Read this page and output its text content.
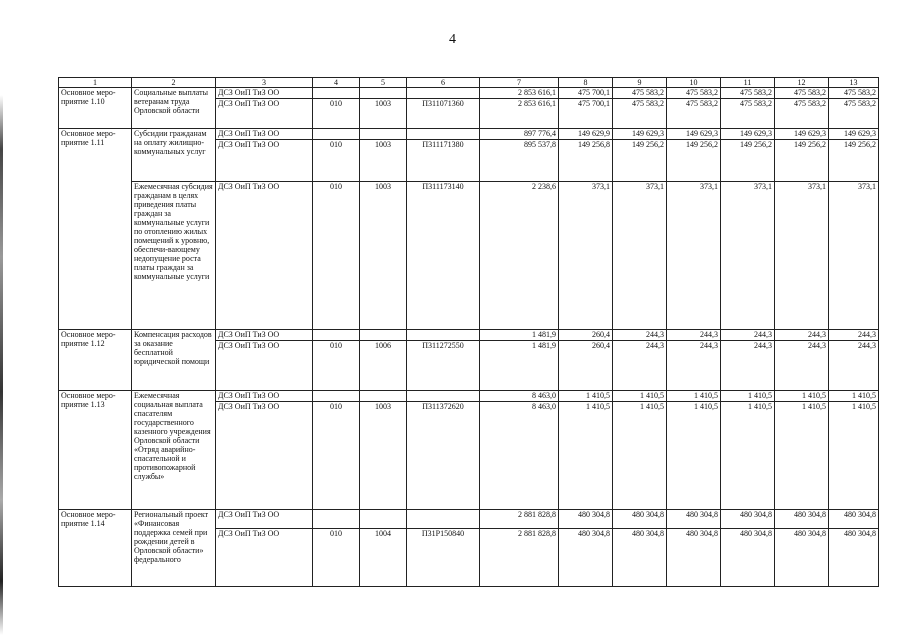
4
1	2	3	4	5	6	7	8	9	10	11	12	13
Основное меро-приятие 1.10	Социальные выплаты ветеранам труда Орловской области	ДСЗ ОиП ТиЗ ОО				2 853 616,1	475 700,1	475 583,2	475 583,2	475 583,2	475 583,2	475 583,2
		ДСЗ ОиП ТиЗ ОО	010	1003	П311071360	2 853 616,1	475 700,1	475 583,2	475 583,2	475 583,2	475 583,2	475 583,2
Основное меро-приятие 1.11	Субсидии гражданам на оплату жилищно-коммунальных услуг	ДСЗ ОиП ТиЗ ОО				897 776,4	149 629,9	149 629,3	149 629,3	149 629,3	149 629,3	149 629,3
		ДСЗ ОиП ТиЗ ОО	010	1003	П311171380	895 537,8	149 256,8	149 256,2	149 256,2	149 256,2	149 256,2	149 256,2
	Ежемесячная субсидия гражданам в целях приведения платы граждан за коммунальные услуги по отоплению жилых помещений к уровню, обеспечи-вающему недопущение роста платы граждан за коммунальные услуги	ДСЗ ОиП ТиЗ ОО	010	1003	П311173140	2 238,6	373,1	373,1	373,1	373,1	373,1	373,1
Основное меро-приятие 1.12	Компенсация расходов за оказание бесплатной юридической помощи	ДСЗ ОиП ТиЗ ОО				1 481,9	260,4	244,3	244,3	244,3	244,3	244,3
		ДСЗ ОиП ТиЗ ОО	010	1006	П311272550	1 481,9	260,4	244,3	244,3	244,3	244,3	244,3
Основное меро-приятие 1.13	Ежемесячная социальная выплата спасателям государственного казенного учреждения Орловской области «Отряд аварийно-спасательной и противопожарной службы»	ДСЗ ОиП ТиЗ ОО				8 463,0	1 410,5	1 410,5	1 410,5	1 410,5	1 410,5	1 410,5
		ДСЗ ОиП ТиЗ ОО	010	1003	П311372620	8 463,0	1 410,5	1 410,5	1 410,5	1 410,5	1 410,5	1 410,5
Основное меро-приятие 1.14	Региональный проект «Финансовая поддержка семей при рождении детей в Орловской области» федерального	ДСЗ ОиП ТиЗ ОО				2 881 828,8	480 304,8	480 304,8	480 304,8	480 304,8	480 304,8	480 304,8
		ДСЗ ОиП ТиЗ ОО	010	1004	П31Р150840	2 881 828,8	480 304,8	480 304,8	480 304,8	480 304,8	480 304,8	480 304,8
